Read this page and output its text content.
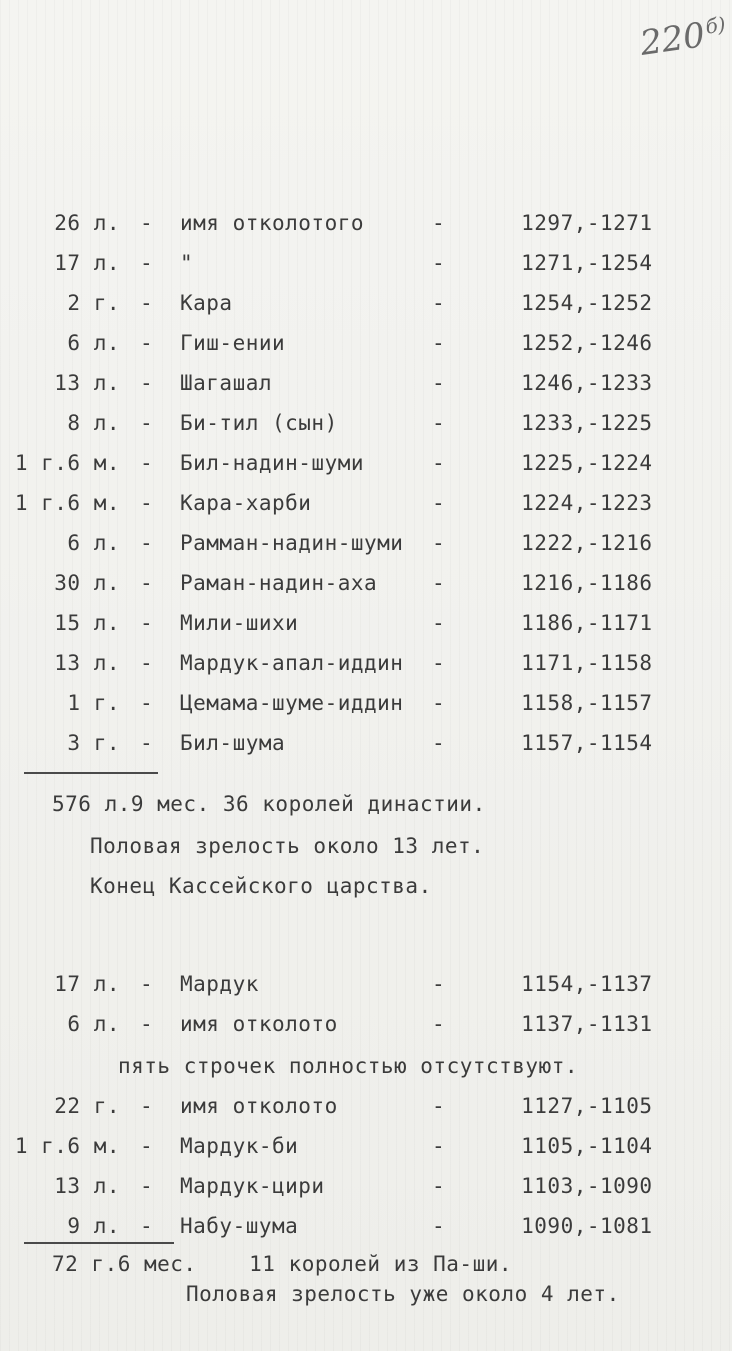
$220^{б)}$
26 л. - имя отколотого	-	1297,- 1271
17 л. - "	-	1271,- 1254
2 г. - Кара	-	1254,- 1252
6 л. - Гиш-ении	-	1252,- 1246
13 л. - Шагашал	-	1246,- 1233
8 л. - Би-тил (сын)	-	1233,- 1225
1 г.6 м. - Бил-надин-шуми	-	1225,- 1224
1 г.6 м. - Кара-харби	-	1224,- 1223
6 л. - Рамман-надин-шуми -	1222,- 1216
30 л. - Раман-надин-аха	-	1216,- 1186
15 л. - Мили-шихи	-	1186,- 1171
13 л. - Мардук-апал-иддин -	1171,- 1158
1 г. - Цемама-шуме-иддин -	1158,- 1157
3 г. - Бил-шума	-	1157,- 1154
576 л.9 мес. 36 королей династии.
Половая зрелость около 13 лет.
Конец Кассейского царства.
17 л. - Мардук	-	1154,- 1137
6 л. - имя отколото	-	1137,- 1131
пять строчек полностью отсутствуют.
22 г. - имя отколото	-	1127,- 1105
1 г.6 м. - Мардук-би	-	1105,- 1104
13 л. - Мардук-цири	-	1103,- 1090
9 л. - Набу-шума	-	1090,- 1081
72 г.6 мес.    11 королей из Па-ши.
Половая зрелость уже около 4 лет.
